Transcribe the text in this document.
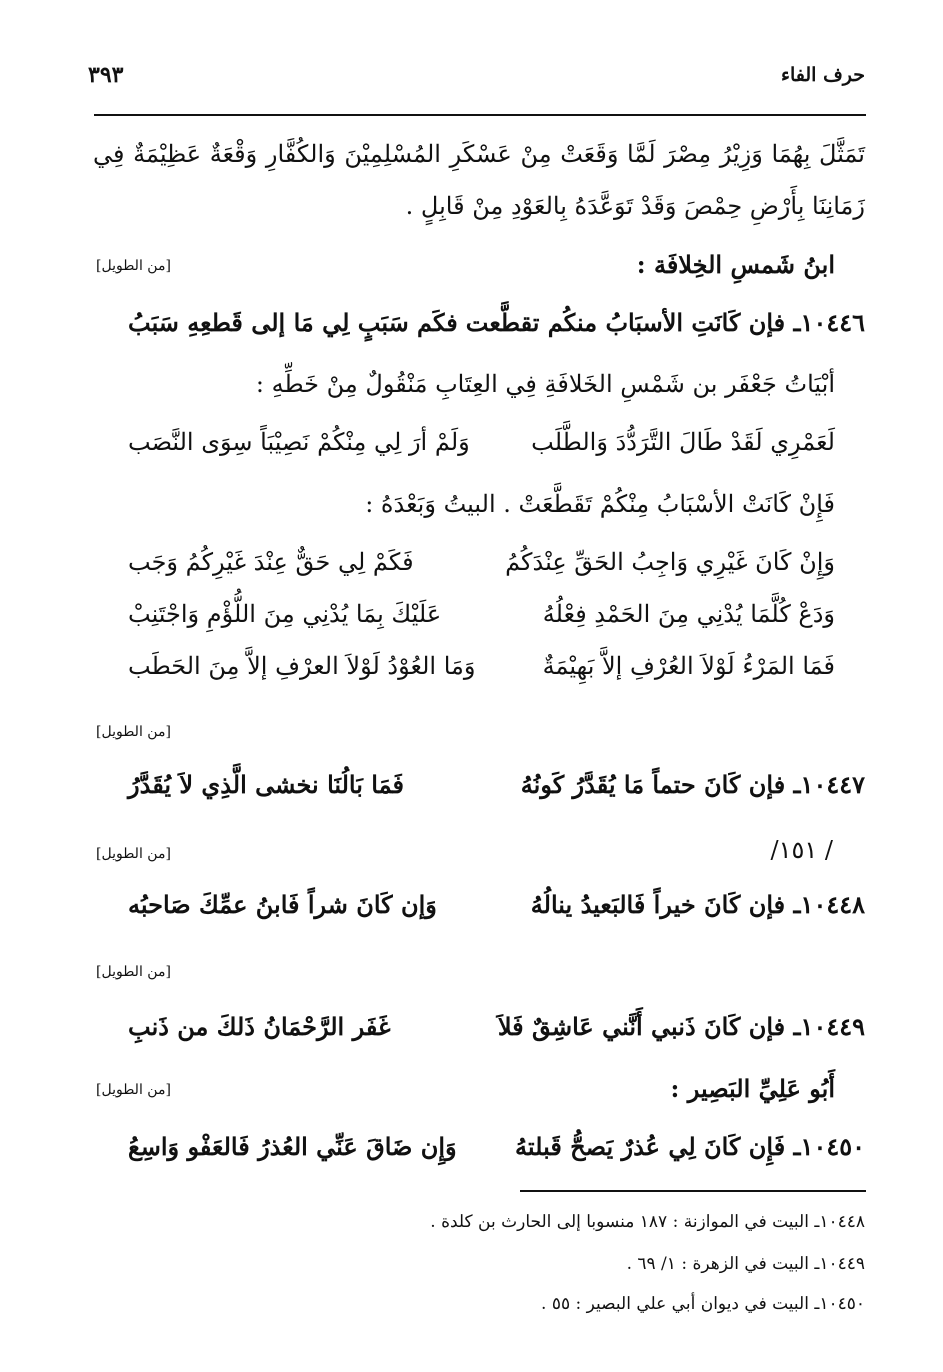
حرف الفاء
٣٩٣
تَمَثَّلَ بِهُمَا وَزِيْرُ مِصْرَ لَمَّا وَقَعَتْ مِنْ عَسْكَرِ المُسْلِمِيْنَ وَالكُفَّارِ وَقْعَةٌ عَظِيْمَةٌ فِي
زَمَانِنَا بِأَرْضِ حِمْصَ وَقَدْ تَوَعَّدَهُ بِالعَوْدِ مِنْ قَابِلٍ .
ابنُ شَمسِ الخِلافَة :
[من الطويل]
١٠٤٤٦ـ فإن كَانَتِ الأسبَابُ منكُم تقطَّعت
فكَم سَبَبٍ لِي مَا إلى قَطعِهِ سَبَبُ
أبْيَاتُ جَعْفَر بن شَمْسِ الخَلافَةِ فِي العِتَابِ مَنْقُولٌ مِنْ خَطِّهِ :
لَعَمْرِي لَقَدْ طَالَ التَّرَدُّدَ وَالطَّلَب
وَلَمْ أرَ لِي مِنْكُمْ نَصِيْبَاً سِوَى النَّصَب
فَإِنْ كَانَتْ الأسْبَابُ مِنْكُمْ تَقَطَّعَتْ . البيتُ وَبَعْدَهُ :
وَإِنْ كَانَ غَيْرِي وَاجِبُ الحَقِّ عِنْدَكُمُ
فَكَمْ لِي حَقٌّ عِنْدَ غَيْرِكُمُ وَجَب
وَدَعْ كُلَّمَا يُدْنِي مِنَ الحَمْدِ فِعْلُهُ
عَلَيْكَ بِمَا يُدْنِي مِنَ اللُّؤْمِ وَاجْتَنِبْ
فَمَا المَرْءُ لَوْلاَ العُرْفِ إلاَّ بَهِيْمَةٌ
وَمَا العُوْدُ لَوْلاَ العرْفِ إلاَّ مِنَ الحَطَب
[من الطويل]
١٠٤٤٧ـ فإن كَانَ حتماً مَا يُقَدَّرُ كَونُهُ
فَمَا بَالُنَا نخشى الَّذِي لاَ يُقَدَّرُ
/ ١٥١/
[من الطويل]
١٠٤٤٨ـ فإن كَانَ خيراً فَالبَعيدُ ينالُهُ
وَإن كَانَ شراً فَابنُ عمِّكَ صَاحبُه
[من الطويل]
١٠٤٤٩ـ فإن كَانَ ذَنبي أَنَّني عَاشِقٌ فَلاَ
غَفَر الرَّحْمَانُ ذَلكَ من ذَنبِ
أَبُو عَلِيِّ البَصِير :
[من الطويل]
١٠٤٥٠ـ فَإِن كَانَ لِي عُذرٌ يَصحُّ قَبلتهُ
وَإِن ضَاقَ عَنِّي العُذرُ فَالعَفْو وَاسِعُ
١٠٤٤٨ـ البيت في الموازنة : ١٨٧ منسوبا إلى الحارث بن كلدة .
١٠٤٤٩ـ البيت في الزهرة : ١/ ٦٩ .
١٠٤٥٠ـ البيت في ديوان أبي علي البصير : ٥٥ .
